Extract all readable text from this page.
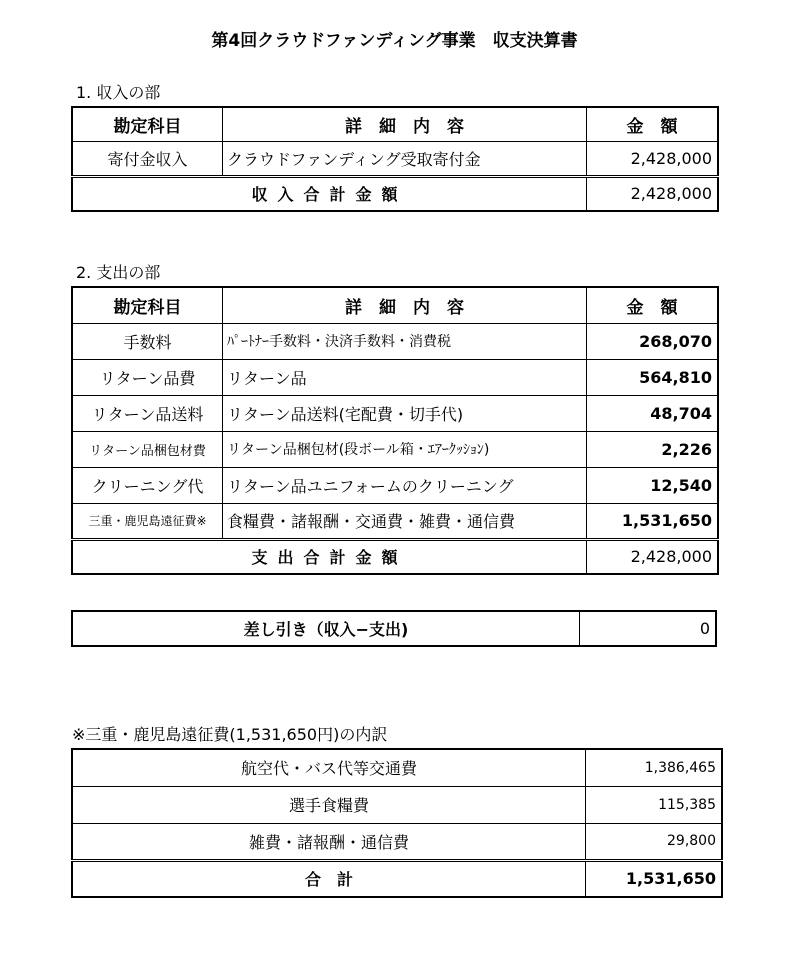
第4回クラウドファンディング事業　収支決算書
1. 収入の部
勘定科目	詳　細　内　容	金　額
寄付金収入	クラウドファンディング受取寄付金	2,428,000
収入合計金額		2,428,000
2. 支出の部
勘定科目	詳　細　内　容	金　額
手数料	ﾊﾟｰﾄﾅｰ手数料・決済手数料・消費税	268,070
リターン品費	リターン品	564,810
リターン品送料	リターン品送料(宅配費・切手代)	48,704
リターン品梱包材費	リターン品梱包材(段ボール箱・ｴｱｰｸｯｼｮﾝ)	2,226
クリーニング代	リターン品ユニフォームのクリーニング	12,540
三重・鹿児島遠征費※	食糧費・諸報酬・交通費・雑費・通信費	1,531,650
支出合計金額		2,428,000
差し引き（収入−支出)	0
※三重・鹿児島遠征費(1,531,650円)の内訳
航空代・バス代等交通費	1,386,465
選手食糧費	115,385
雑費・諸報酬・通信費	29,800
合　計	1,531,650
